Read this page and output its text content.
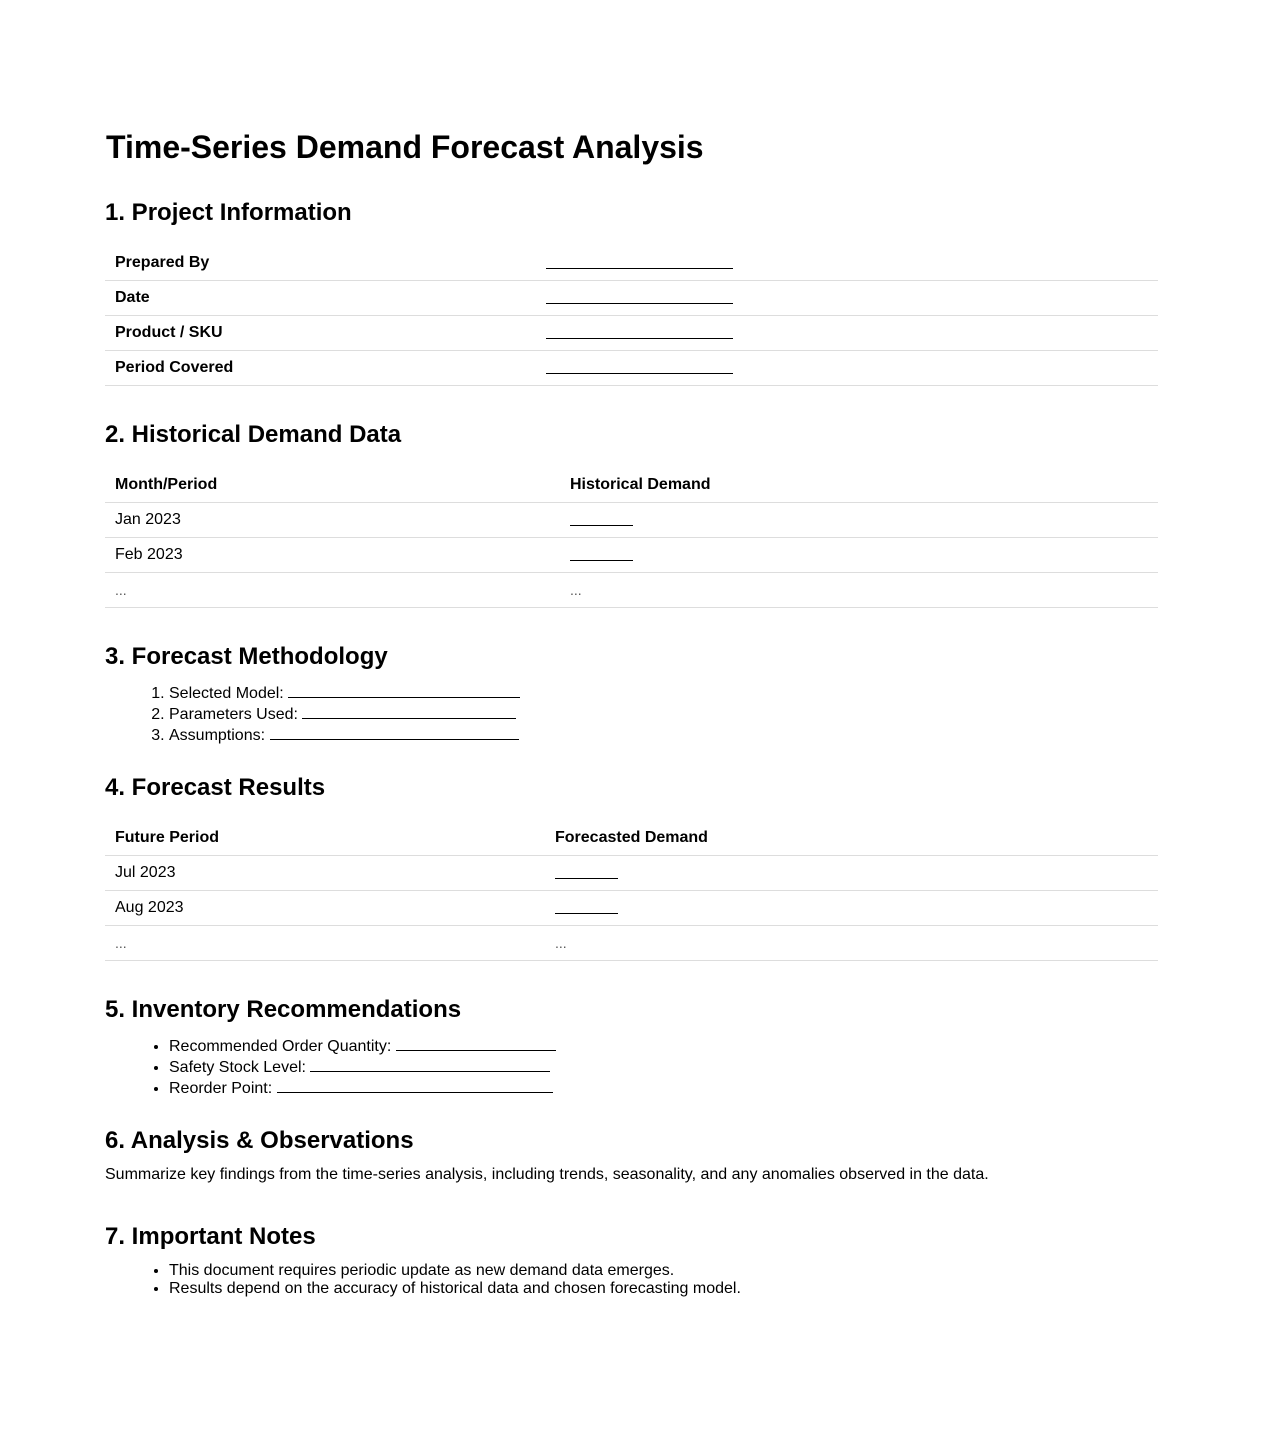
Time-Series Demand Forecast Analysis
1. Project Information
Prepared By	
Date	
Product / SKU	
Period Covered	
2. Historical Demand Data
Month/Period	Historical Demand
Jan 2023	
Feb 2023	
...	...
3. Forecast Methodology
1. Selected Model:
2. Parameters Used:
3. Assumptions:
4. Forecast Results
Future Period	Forecasted Demand
Jul 2023	
Aug 2023	
...	...
5. Inventory Recommendations
• Recommended Order Quantity:
• Safety Stock Level:
• Reorder Point:
6. Analysis & Observations

Summarize key findings from the time-series analysis, including trends, seasonality, and any anomalies observed in the data.

7. Important Notes
• This document requires periodic update as new demand data emerges.
• Results depend on the accuracy of historical data and chosen forecasting model.
